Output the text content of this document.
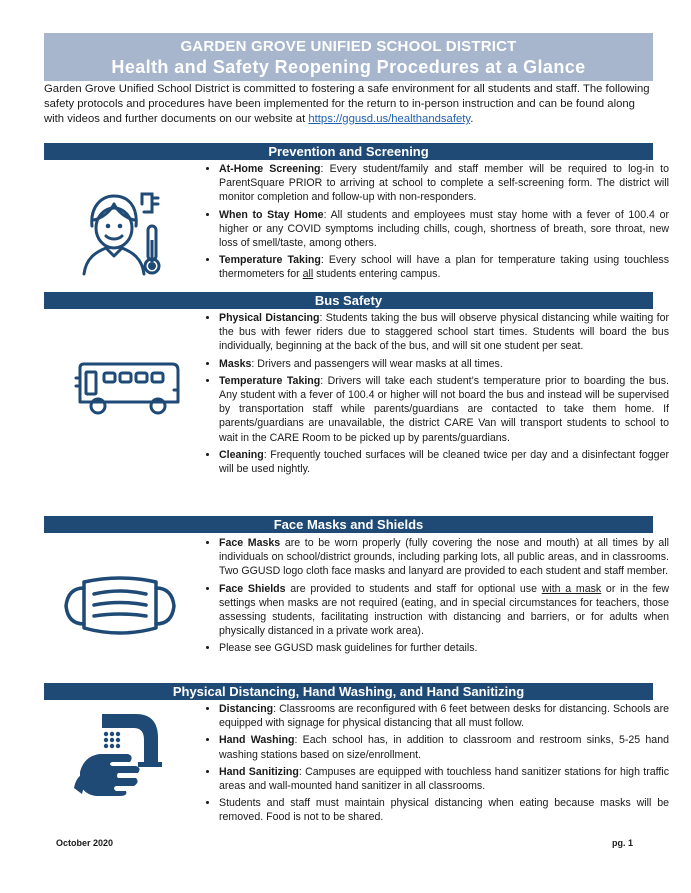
GARDEN GROVE UNIFIED SCHOOL DISTRICT
Health and Safety Reopening Procedures at a Glance

Garden Grove Unified School District is committed to fostering a safe environment for all students and staff. The following safety protocols and procedures have been implemented for the return to in-person instruction and can be found along with videos and further documents on our website at https://ggusd.us/healthandsafety.

Prevention and Screening
• At-Home Screening: Every student/family and staff member will be required to log-in to ParentSquare PRIOR to arriving at school to complete a self-screening form. The district will monitor completion and follow-up with non-responders.
• When to Stay Home: All students and employees must stay home with a fever of 100.4 or higher or any COVID symptoms including chills, cough, shortness of breath, sore throat, new loss of smell/taste, among others.
• Temperature Taking: Every school will have a plan for temperature taking using touchless thermometers for all students entering campus.
Bus Safety
• Physical Distancing: Students taking the bus will observe physical distancing while waiting for the bus with fewer riders due to staggered school start times. Students will board the bus individually, beginning at the back of the bus, and will sit one student per seat.
• Masks: Drivers and passengers will wear masks at all times.
• Temperature Taking: Drivers will take each student’s temperature prior to boarding the bus. Any student with a fever of 100.4 or higher will not board the bus and instead will be supervised by transportation staff while parents/guardians are contacted to take them home. If parents/guardians are unavailable, the district CARE Van will transport students to school to wait in the CARE Room to be picked up by parents/guardians.
• Cleaning: Frequently touched surfaces will be cleaned twice per day and a disinfectant fogger will be used nightly.
Face Masks and Shields
• Face Masks are to be worn properly (fully covering the nose and mouth) at all times by all individuals on school/district grounds, including parking lots, all public areas, and in classrooms. Two GGUSD logo cloth face masks and lanyard are provided to each student and staff member.
• Face Shields are provided to students and staff for optional use with a mask or in the few settings when masks are not required (eating, and in special circumstances for teachers, those assessing students, facilitating instruction with distancing and barriers, or for adults when physically distanced in a private work area).
• Please see GGUSD mask guidelines for further details.
Physical Distancing, Hand Washing, and Hand Sanitizing
• Distancing: Classrooms are reconfigured with 6 feet between desks for distancing. Schools are equipped with signage for physical distancing that all must follow.
• Hand Washing: Each school has, in addition to classroom and restroom sinks, 5-25 hand washing stations based on size/enrollment.
• Hand Sanitizing: Campuses are equipped with touchless hand sanitizer stations for high traffic areas and wall-mounted hand sanitizer in all classrooms.
• Students and staff must maintain physical distancing when eating because masks will be removed. Food is not to be shared.
October 2020	pg. 1
